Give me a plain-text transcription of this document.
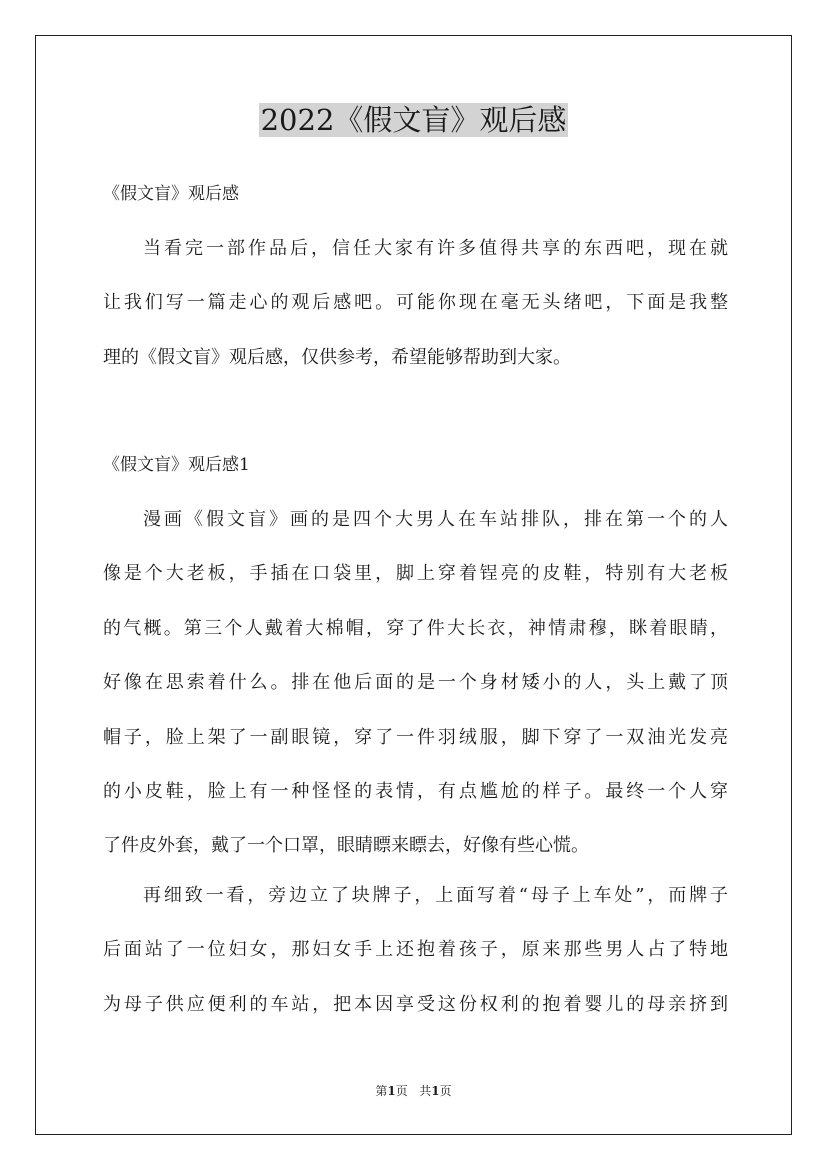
2022《假文盲》观后感
《假文盲》观后感
当看完一部作品后，信任大家有许多值得共享的东西吧，现在就
让我们写一篇走心的观后感吧。可能你现在毫无头绪吧，下面是我整
理的《假文盲》观后感，仅供参考，希望能够帮助到大家。
《假文盲》观后感1
漫画《假文盲》画的是四个大男人在车站排队，排在第一个的人
像是个大老板，手插在口袋里，脚上穿着锃亮的皮鞋，特别有大老板
的气概。第三个人戴着大棉帽，穿了件大长衣，神情肃穆，眯着眼睛，
好像在思索着什么。排在他后面的是一个身材矮小的人，头上戴了顶
帽子，脸上架了一副眼镜，穿了一件羽绒服，脚下穿了一双油光发亮
的小皮鞋，脸上有一种怪怪的表情，有点尴尬的样子。最终一个人穿
了件皮外套，戴了一个口罩，眼睛瞟来瞟去，好像有些心慌。
再细致一看，旁边立了块牌子，上面写着“母子上车处”，而牌子
后面站了一位妇女，那妇女手上还抱着孩子，原来那些男人占了特地
为母子供应便利的车站，把本因享受这份权利的抱着婴儿的母亲挤到
第1页 共1页
